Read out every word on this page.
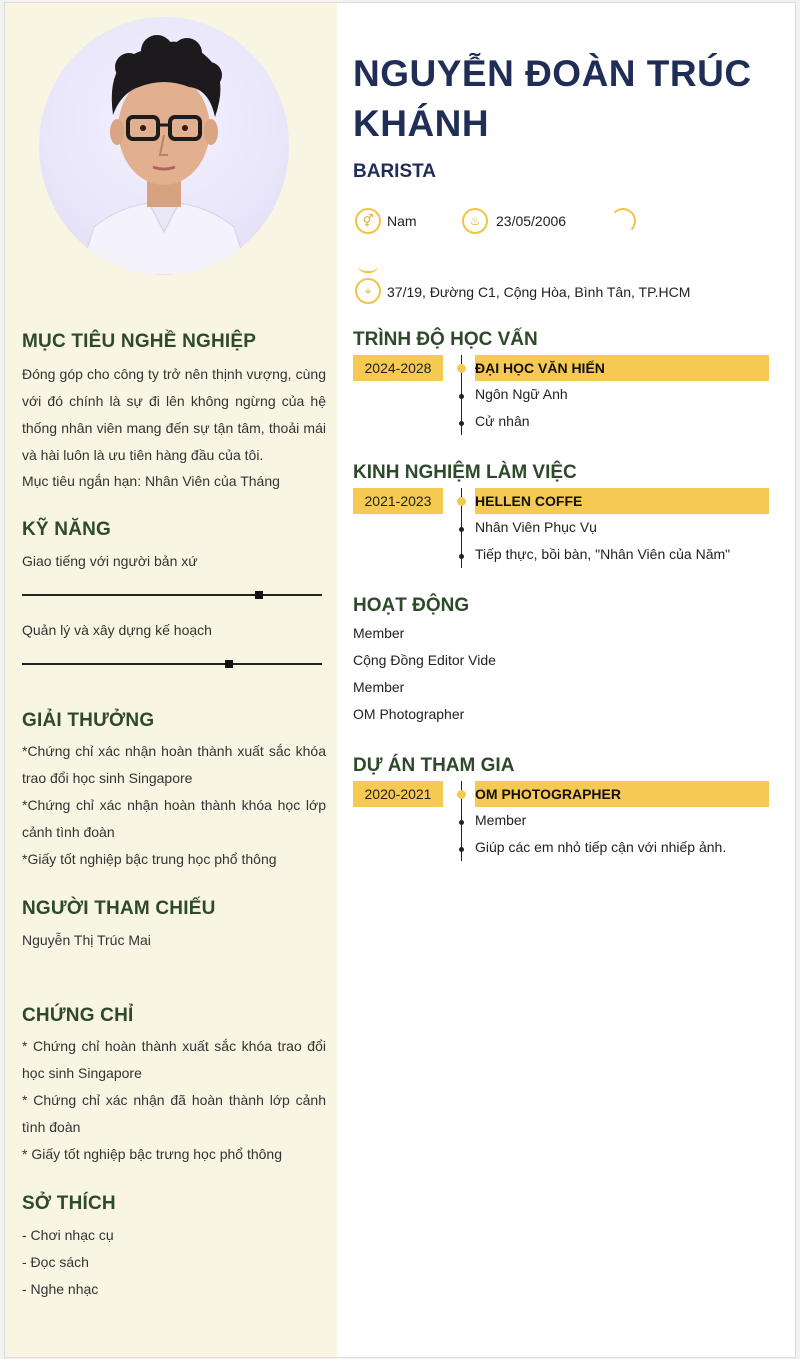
MỤC TIÊU NGHỀ NGHIỆP

Đóng góp cho công ty trở nên thịnh vượng, cùng với đó chính là sự đi lên không ngừng của hệ thống nhân viên mang đến sự tận tâm, thoải mái và hài luôn là ưu tiên hàng đầu của tôi.

Mục tiêu ngắn hạn: Nhân Viên của Tháng

KỸ NĂNG

Giao tiếng với người bản xứ

Quản lý và xây dựng kế hoạch

GIẢI THƯỞNG

*Chứng chỉ xác nhận hoàn thành xuất sắc khóa trao đổi học sinh Singapore

*Chứng chỉ xác nhận hoàn thành khóa học lớp cảnh tình đoàn

*Giấy tốt nghiệp bậc trung học phổ thông

NGƯỜI THAM CHIẾU

Nguyễn Thị Trúc Mai

CHỨNG CHỈ

* Chứng chỉ hoàn thành xuất sắc khóa trao đổi học sinh Singapore

* Chứng chỉ xác nhận đã hoàn thành lớp cảnh tình đoàn

* Giấy tốt nghiệp bậc trưng học phổ thông

SỞ THÍCH

- Chơi nhạc cụ

- Đọc sách

- Nghe nhạc

NGUYỄN ĐOÀN TRÚC KHÁNH
BARISTA
⚥ Nam	♨	23/05/2006

⌖	37/19, Đường C1, Cộng Hòa, Bình Tân, TP.HCM

TRÌNH ĐỘ HỌC VẤN
2024-2028	ĐẠI HỌC VĂN HIẾN

Ngôn Ngữ Anh

Cử nhân

KINH NGHIỆM LÀM VIỆC
2021-2023	HELLEN COFFE

Nhân Viên Phục Vụ

Tiếp thực, bồi bàn, "Nhân Viên của Năm"

HOẠT ĐỘNG

Member

Cộng Đồng Editor Vide

Member

OM Photographer

DỰ ÁN THAM GIA
2020-2021	OM PHOTOGRAPHER

Member

Giúp các em nhỏ tiếp cận với nhiếp ảnh.
